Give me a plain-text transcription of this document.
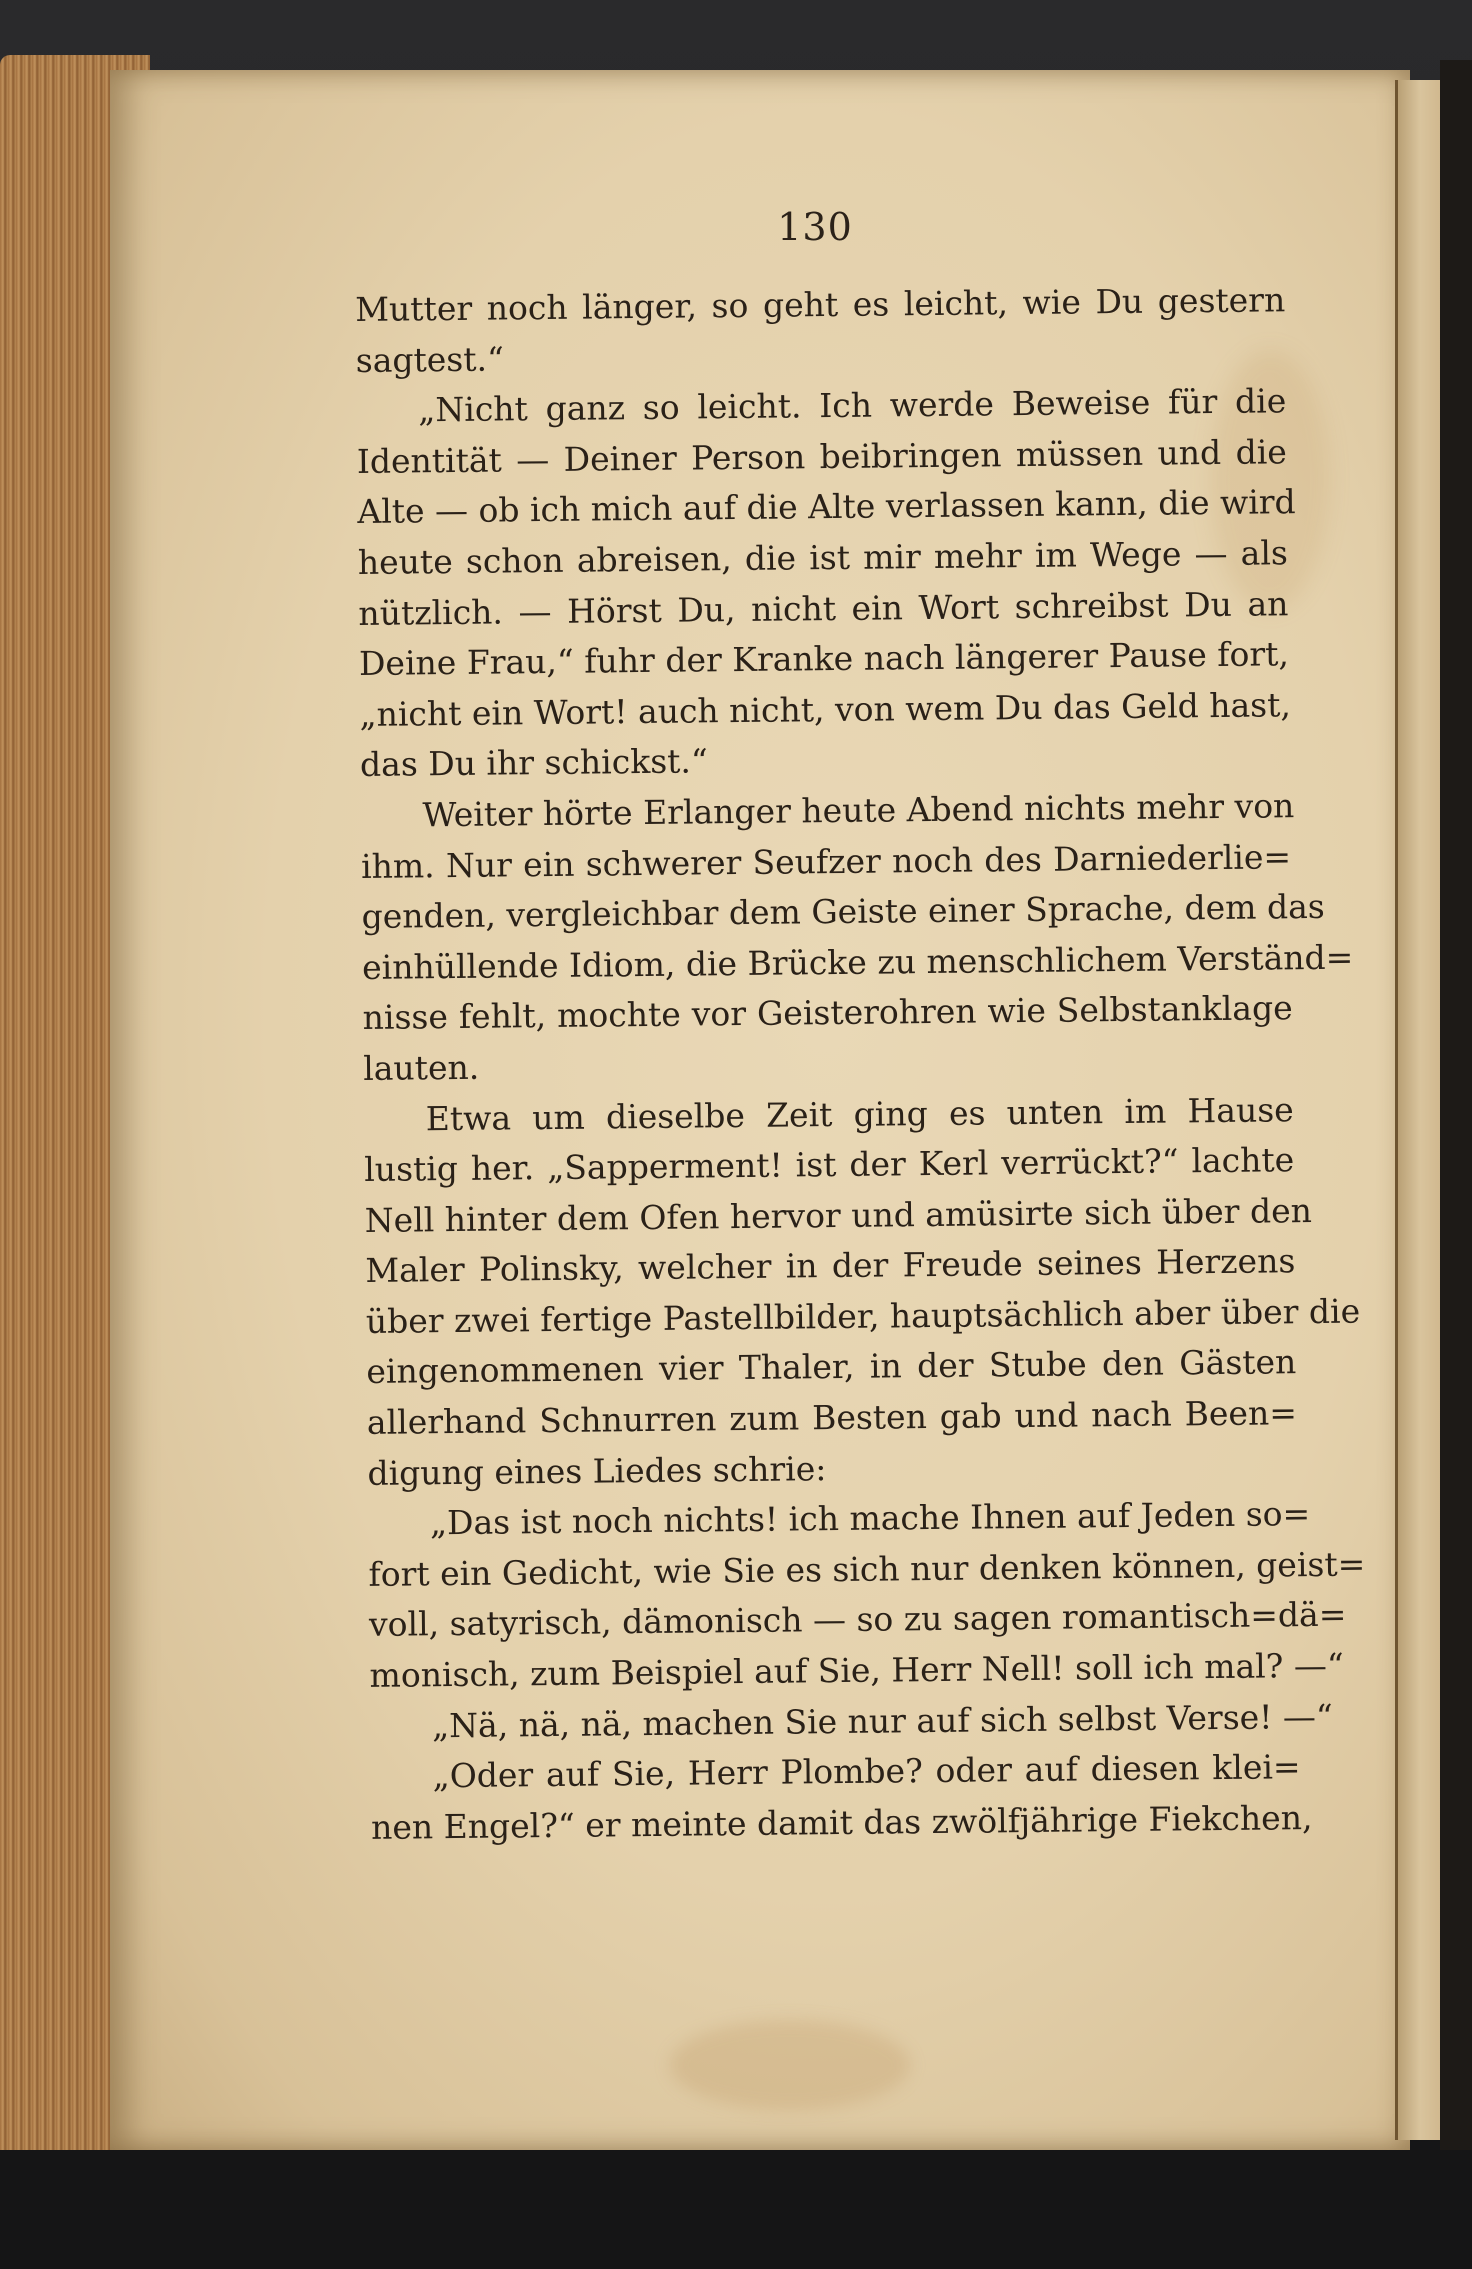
130
Mutter noch länger, so geht es leicht, wie Du gestern
sagtest.“
„Nicht ganz so leicht. Ich werde Beweise für die
Identität — Deiner Person beibringen müssen und die
Alte — ob ich mich auf die Alte verlassen kann, die wird
heute schon abreisen, die ist mir mehr im Wege — als
nützlich. — Hörst Du, nicht ein Wort schreibst Du an
Deine Frau,“ fuhr der Kranke nach längerer Pause fort,
„nicht ein Wort! auch nicht, von wem Du das Geld hast,
das Du ihr schickst.“
Weiter hörte Erlanger heute Abend nichts mehr von
ihm. Nur ein schwerer Seufzer noch des Darniederlie=
genden, vergleichbar dem Geiste einer Sprache, dem das
einhüllende Idiom, die Brücke zu menschlichem Verständ=
nisse fehlt, mochte vor Geisterohren wie Selbstanklage
lauten.
Etwa um dieselbe Zeit ging es unten im Hause
lustig her. „Sapperment! ist der Kerl verrückt?“ lachte
Nell hinter dem Ofen hervor und amüsirte sich über den
Maler Polinsky, welcher in der Freude seines Herzens
über zwei fertige Pastellbilder, hauptsächlich aber über die
eingenommenen vier Thaler, in der Stube den Gästen
allerhand Schnurren zum Besten gab und nach Been=
digung eines Liedes schrie:
„Das ist noch nichts! ich mache Ihnen auf Jeden so=
fort ein Gedicht, wie Sie es sich nur denken können, geist=
voll, satyrisch, dämonisch — so zu sagen romantisch=dä=
monisch, zum Beispiel auf Sie, Herr Nell! soll ich mal? —“
„Nä, nä, nä, machen Sie nur auf sich selbst Verse! —“
„Oder auf Sie, Herr Plombe? oder auf diesen klei=
nen Engel?“ er meinte damit das zwölfjährige Fiekchen,
